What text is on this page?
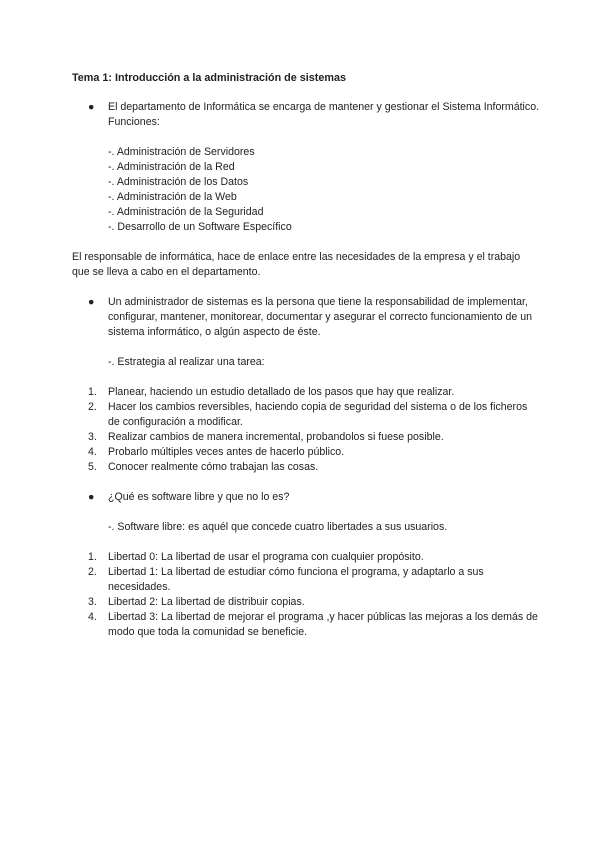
Tema 1: Introducción a la administración de sistemas
● El departamento de Informática se encarga de mantener y gestionar el Sistema Informático. Funciones:
-. Administración de Servidores
-. Administración de la Red
-. Administración de los Datos
-. Administración de la Web
-. Administración de la Seguridad
-. Desarrollo de un Software Específico
El responsable de informática, hace de enlace entre las necesidades de la empresa y el trabajo que se lleva a cabo en el departamento.
● Un administrador de sistemas es la persona que tiene la responsabilidad de implementar, configurar, mantener, monitorear, documentar y asegurar el correcto funcionamiento de un sistema informático, o algún aspecto de éste.
-. Estrategia al realizar una tarea:
1. Planear, haciendo un estudio detallado de los pasos que hay que realizar.
2. Hacer los cambios reversibles, haciendo copia de seguridad del sistema o de los ficheros de configuración a modificar.
3. Realizar cambios de manera incremental, probandolos si fuese posible.
4. Probarlo múltiples veces antes de hacerlo público.
5. Conocer realmente cómo trabajan las cosas.
● ¿Qué es software libre y que no lo es?
-. Software libre: es aquél que concede cuatro libertades a sus usuarios.
1. Libertad 0: La libertad de usar el programa con cualquier propósito.
2. Libertad 1: La libertad de estudiar cómo funciona el programa, y adaptarlo a sus necesidades.
3. Libertad 2: La libertad de distribuir copias.
4. Libertad 3: La libertad de mejorar el programa ,y hacer públicas las mejoras a los demás de modo que toda la comunidad se beneficie.
